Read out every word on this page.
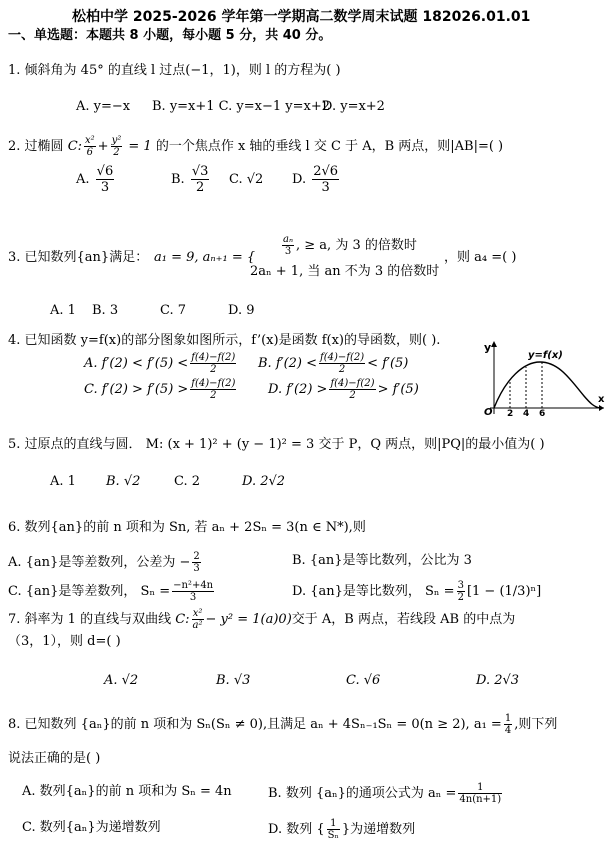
松柏中学 2025-2026 学年第一学期高二数学周末试题 182026.01.01
一、单选题：本题共 8 小题，每小题 5 分，共 40 分。
1. 倾斜角为 45° 的直线 l 过点(−1，1)，则 l 的方程为( )
A. y=−x B. y=x+1 C. y=x−1 y=x+2
D. y=x+2
2. 过椭圆 C: $\frac{\text{x²}}{6} + \frac{\text{y²}}{2} = 1$ 的一个焦点作 x 轴的垂线 l 交 C 于 A，B 两点，则|AB|=( )
A. $\frac{√6}{3}$	B. $\frac{√3}{2} C$. √2 D. $\frac{2√6}{3}$
3. 已知数列{an}满足： a₁ = 9, aₙ₊₁ = {
$\frac{\text{aₙ}}{3}$ , ≥ a, 为 3 的倍数时
2aₙ + 1, 当 an 不为 3 的倍数时
，则 a₄ =( )
A. 1 B. 3	C. 7	D. 9
4. 已知函数 y=f(x)的部分图象如图所示，f’(x)是函数 f(x)的导函数，则( ).
A. $f'(2) < f'(5) < \frac{f(4)-f(2)}{2} B$. $f'(2) < \frac{f(4)-f(2)}{2} < f'(5)$
C. $f'(2) > f'(5) > \frac{f(4)-f(2)}{2} D$. $f'(2) > \frac{f(4)-f(2)}{2} > f'(5)$
y
y=f(x)
x
O 2 4 6
5. 过原点的直线与圆． M: (x + 1)² + (y − 1)² = 3 交于 P，Q 两点，则|PQ|的最小值为( )
A. 1 B. √2	C. 2	D. 2√2
6. 数列{an}的前 n 项和为 Sn, 若 aₙ + 2Sₙ = 3(n ∈ N*),则
A. {an}是等差数列，公差为 − $\frac{2}{3}$	B. {an}是等比数列，公比为 3
C. {an}是等差数列， $S_n = \frac{\text{−n²+4n}}{3}$	D. {an}是等比数列， $S_n = \frac{3}{2} [1 - (1/3)^n]$
7. 斜率为 1 的直线与双曲线 C: $\frac{\text{x²}}{\text{a²}} - y^2 = 1(a)0$)交于 A，B 两点，若线段 AB 的中点为
（3，1），则 d=( )
A. √2	B. √3	C. √6	D. 2√3
8. 已知数列 {aₙ}的前 n 项和为 Sₙ(Sₙ ≠ 0),且满足 aₙ + 4Sₙ₋₁Sₙ = 0(n ≥ 2), $a_1 = \frac{1}{4}$ ,则下列
说法正确的是( )
A. 数列{aₙ}的前 n 项和为 Sₙ = 4n	B. 数列 {aₙ}的通项公式为 $a_n = \frac{1}{4n(n+1)}$
C. 数列{aₙ}为递增数列	D. 数列 { $\frac{1}{\text{Sₙ}}$ }为递增数列
